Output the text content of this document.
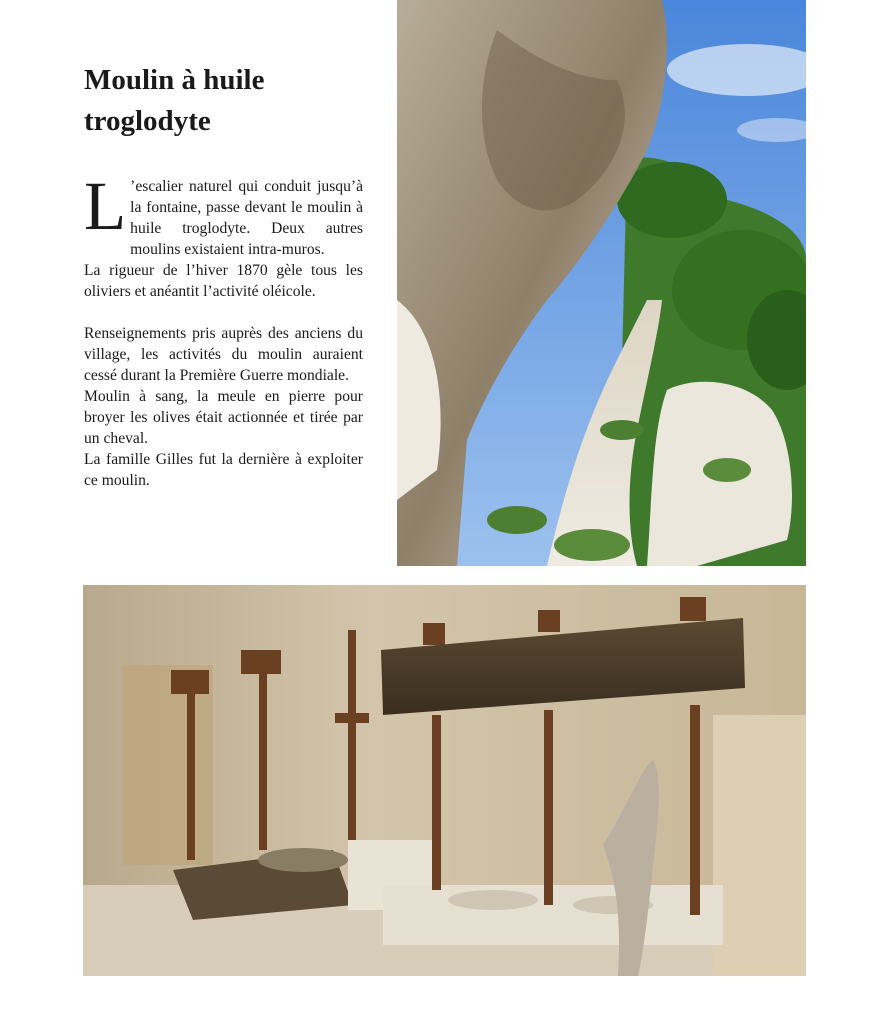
Moulin à huile
troglodyte

L ’escalier naturel qui conduit jusqu’à la fontaine, passe devant le moulin à huile troglodyte. Deux autres moulins existaient intra-muros.

La rigueur de l’hiver 1870 gèle tous les oliviers et anéantit l’activité oléicole.

Renseignements pris auprès des anciens du village, les activités du moulin auraient cessé durant la Première Guerre mondiale.

Moulin à sang, la meule en pierre pour broyer les olives était actionnée et tirée par un cheval.

La famille Gilles fut la dernière à exploiter ce moulin.
